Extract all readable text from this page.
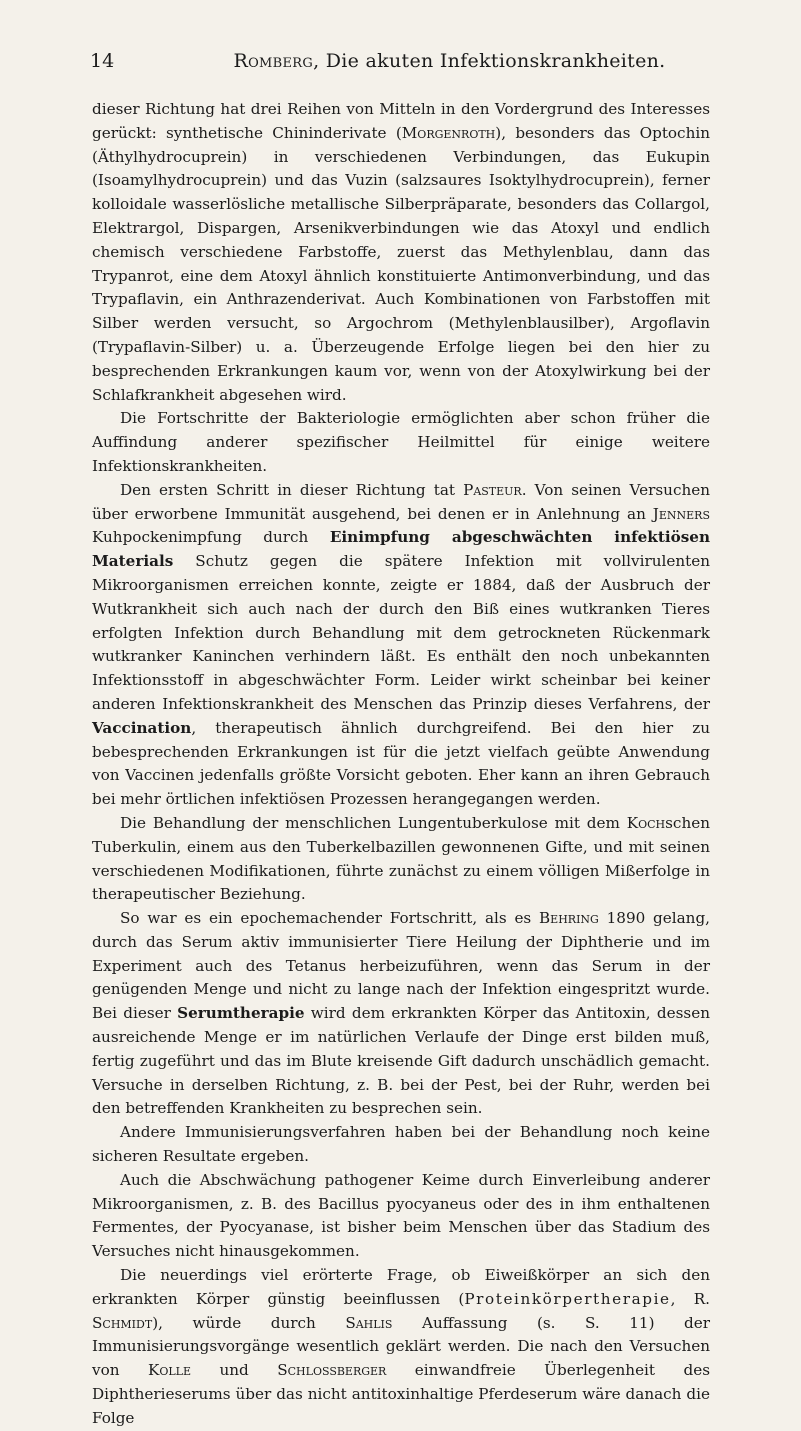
14	Romberg, Die akuten Infektionskrankheiten.

dieser Richtung hat drei Reihen von Mitteln in den Vordergrund des Interesses gerückt: synthetische Chininderivate (Morgenroth), besonders das Optochin (Äthylhydrocuprein) in verschiedenen Verbindungen, das Eukupin (Isoamylhydrocuprein) und das Vuzin (salzsaures Isoktylhydrocuprein), ferner kolloidale wasserlösliche metallische Silberpräparate, besonders das Collargol, Elektrargol, Dispargen, Arsenikverbindungen wie das Atoxyl und endlich chemisch verschiedene Farbstoffe, zuerst das Methylenblau, dann das Trypanrot, eine dem Atoxyl ähnlich konstituierte Antimonverbindung, und das Trypaflavin, ein Anthrazenderivat. Auch Kombinationen von Farbstoffen mit Silber werden versucht, so Argochrom (Methylenblausilber), Argoflavin (Trypaflavin-Silber) u. a. Überzeugende Erfolge liegen bei den hier zu besprechenden Erkrankungen kaum vor, wenn von der Atoxylwirkung bei der Schlafkrankheit abgesehen wird.

Die Fortschritte der Bakteriologie ermöglichten aber schon früher die Auffindung anderer spezifischer Heilmittel für einige weitere Infektionskrankheiten.

Den ersten Schritt in dieser Richtung tat Pasteur. Von seinen Versuchen über erworbene Immunität ausgehend, bei denen er in Anlehnung an Jenners Kuhpockenimpfung durch Einimpfung abgeschwächten infektiösen Materials Schutz gegen die spätere Infektion mit vollvirulenten Mikroorganismen erreichen konnte, zeigte er 1884, daß der Ausbruch der Wutkrankheit sich auch nach der durch den Biß eines wutkranken Tieres erfolgten Infektion durch Behandlung mit dem getrockneten Rückenmark wutkranker Kaninchen verhindern läßt. Es enthält den noch unbekannten Infektionsstoff in abgeschwächter Form. Leider wirkt scheinbar bei keiner anderen Infektionskrankheit des Menschen das Prinzip dieses Verfahrens, der Vaccination, therapeutisch ähnlich durchgreifend. Bei den hier zu bebesprechenden Erkrankungen ist für die jetzt vielfach geübte Anwendung von Vaccinen jedenfalls größte Vorsicht geboten. Eher kann an ihren Gebrauch bei mehr örtlichen infektiösen Prozessen herangegangen werden.

Die Behandlung der menschlichen Lungentuberkulose mit dem Kochschen Tuberkulin, einem aus den Tuberkelbazillen gewonnenen Gifte, und mit seinen verschiedenen Modifikationen, führte zunächst zu einem völligen Mißerfolge in therapeutischer Beziehung.

So war es ein epochemachender Fortschritt, als es Behring 1890 gelang, durch das Serum aktiv immunisierter Tiere Heilung der Diphtherie und im Experiment auch des Tetanus herbeizuführen, wenn das Serum in der genügenden Menge und nicht zu lange nach der Infektion eingespritzt wurde. Bei dieser Serumtherapie wird dem erkrankten Körper das Antitoxin, dessen ausreichende Menge er im natürlichen Verlaufe der Dinge erst bilden muß, fertig zugeführt und das im Blute kreisende Gift dadurch unschädlich gemacht. Versuche in derselben Richtung, z. B. bei der Pest, bei der Ruhr, werden bei den betreffenden Krankheiten zu besprechen sein.

Andere Immunisierungsverfahren haben bei der Behandlung noch keine sicheren Resultate ergeben.

Auch die Abschwächung pathogener Keime durch Einverleibung anderer Mikroorganismen, z. B. des Bacillus pyocyaneus oder des in ihm enthaltenen Fermentes, der Pyocyanase, ist bisher beim Menschen über das Stadium des Versuches nicht hinausgekommen.

Die neuerdings viel erörterte Frage, ob Eiweißkörper an sich den erkrankten Körper günstig beeinflussen (Proteinkörpertherapie, R. Schmidt), würde durch Sahlis Auffassung (s. S. 11) der Immunisierungsvorgänge wesentlich geklärt werden. Die nach den Versuchen von Kolle und Schlossberger einwandfreie Überlegenheit des Diphtherieserums über das nicht antitoxinhaltige Pferdeserum wäre danach die Folge
